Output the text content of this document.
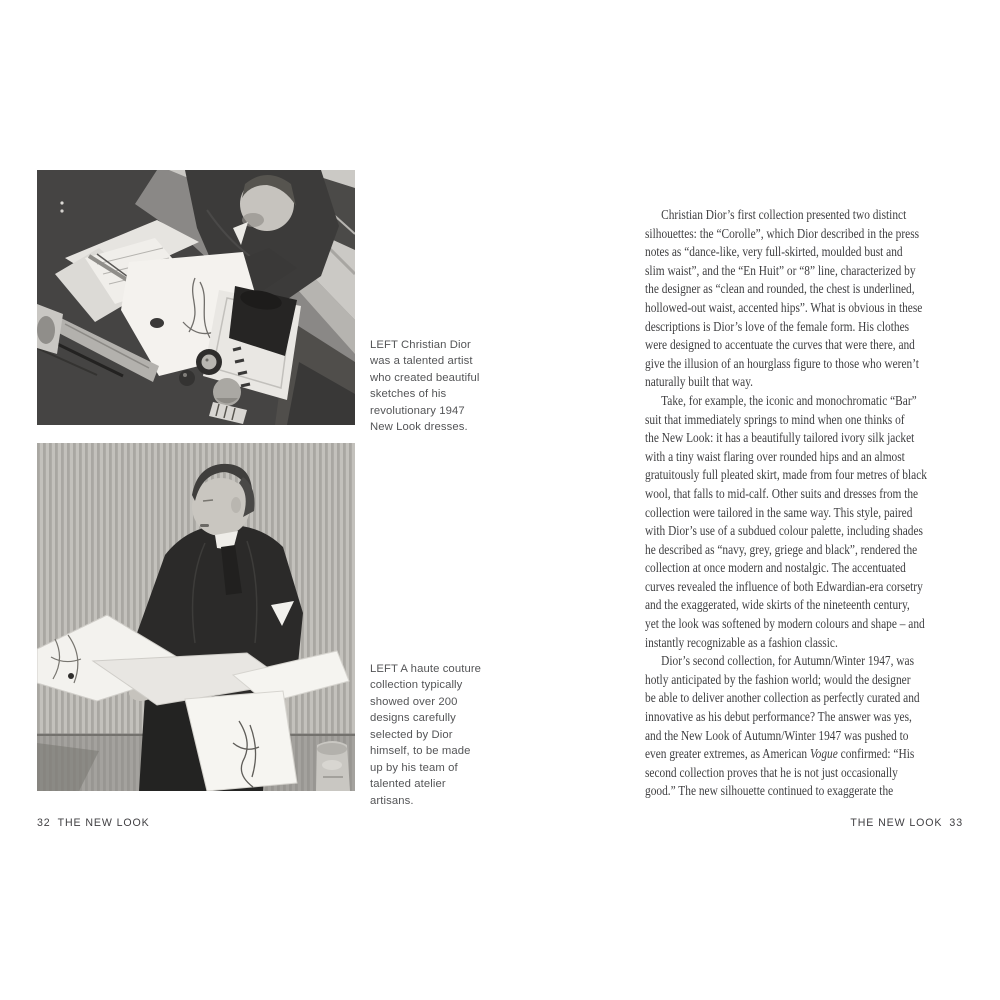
LEFT Christian Dior
was a talented artist
who created beautiful
sketches of his
revolutionary 1947
New Look dresses.
LEFT A haute couture
collection typically
showed over 200
designs carefully
selected by Dior
himself, to be made
up by his team of
talented atelier
artisans.
32 THE NEW LOOK
Christian Dior’s first collection presented two distinct
silhouettes: the “Corolle”, which Dior described in the press
notes as “dance-like, very full-skirted, moulded bust and
slim waist”, and the “En Huit” or “8” line, characterized by
the designer as “clean and rounded, the chest is underlined,
hollowed-out waist, accented hips”. What is obvious in these
descriptions is Dior’s love of the female form. His clothes
were designed to accentuate the curves that were there, and
give the illusion of an hourglass figure to those who weren’t
naturally built that way.
Take, for example, the iconic and monochromatic “Bar”
suit that immediately springs to mind when one thinks of
the New Look: it has a beautifully tailored ivory silk jacket
with a tiny waist flaring over rounded hips and an almost
gratuitously full pleated skirt, made from four metres of black
wool, that falls to mid-calf. Other suits and dresses from the
collection were tailored in the same way. This style, paired
with Dior’s use of a subdued colour palette, including shades
he described as “navy, grey, griege and black”, rendered the
collection at once modern and nostalgic. The accentuated
curves revealed the influence of both Edwardian-era corsetry
and the exaggerated, wide skirts of the nineteenth century,
yet the look was softened by modern colours and shape – and
instantly recognizable as a fashion classic.
Dior’s second collection, for Autumn/Winter 1947, was
hotly anticipated by the fashion world; would the designer
be able to deliver another collection as perfectly curated and
innovative as his debut performance? The answer was yes,
and the New Look of Autumn/Winter 1947 was pushed to
even greater extremes, as American Vogue confirmed: “His
second collection proves that he is not just occasionally
good.” The new silhouette continued to exaggerate the
THE NEW LOOK 33
